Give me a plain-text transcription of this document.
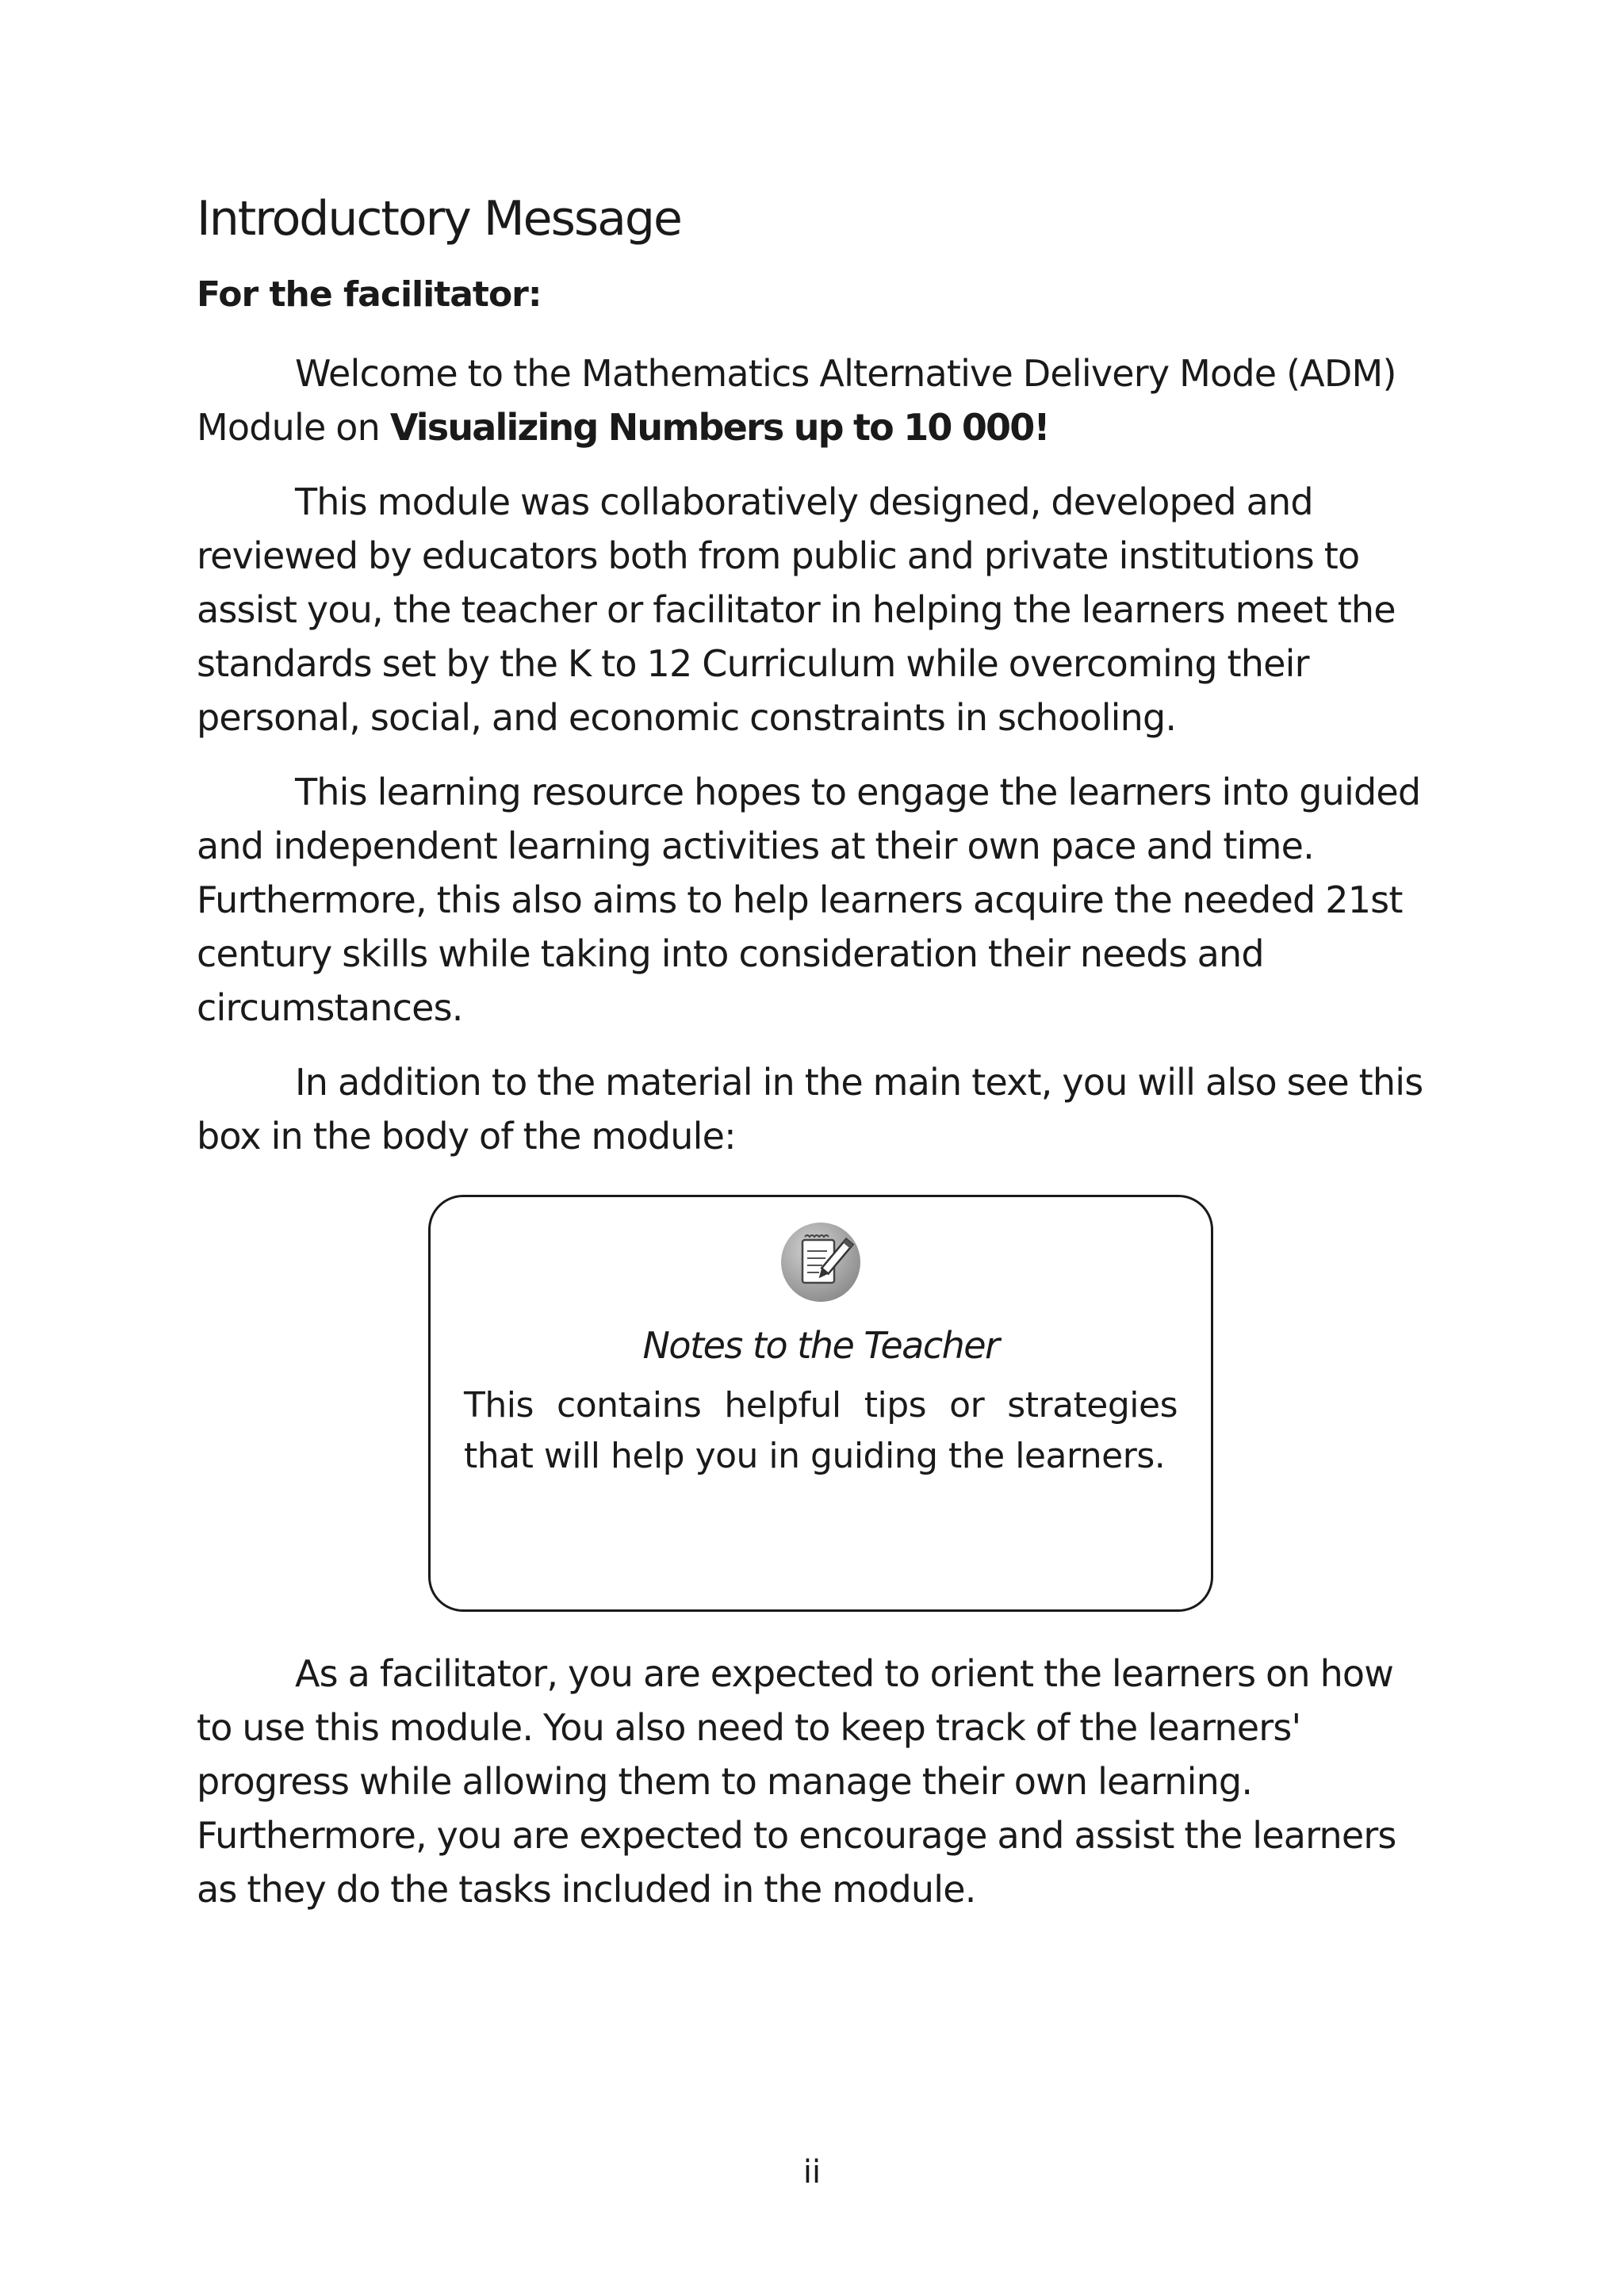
Introductory Message
For the facilitator:

Welcome to the Mathematics Alternative Delivery Mode (ADM) Module on Visualizing Numbers up to 10 000!

This module was collaboratively designed, developed and reviewed by educators both from public and private institutions to assist you, the teacher or facilitator in helping the learners meet the standards set by the K to 12 Curriculum while overcoming their personal, social, and economic constraints in schooling.

This learning resource hopes to engage the learners into guided and independent learning activities at their own pace and time. Furthermore, this also aims to help learners acquire the needed 21st century skills while taking into consideration their needs and circumstances.

In addition to the material in the main text, you will also see this box in the body of the module:

Notes to the Teacher

This contains helpful tips or strategies that will help you in guiding the learners.

As a facilitator, you are expected to orient the learners on how to use this module. You also need to keep track of the learners' progress while allowing them to manage their own learning. Furthermore, you are expected to encourage and assist the learners as they do the tasks included in the module.

ii
